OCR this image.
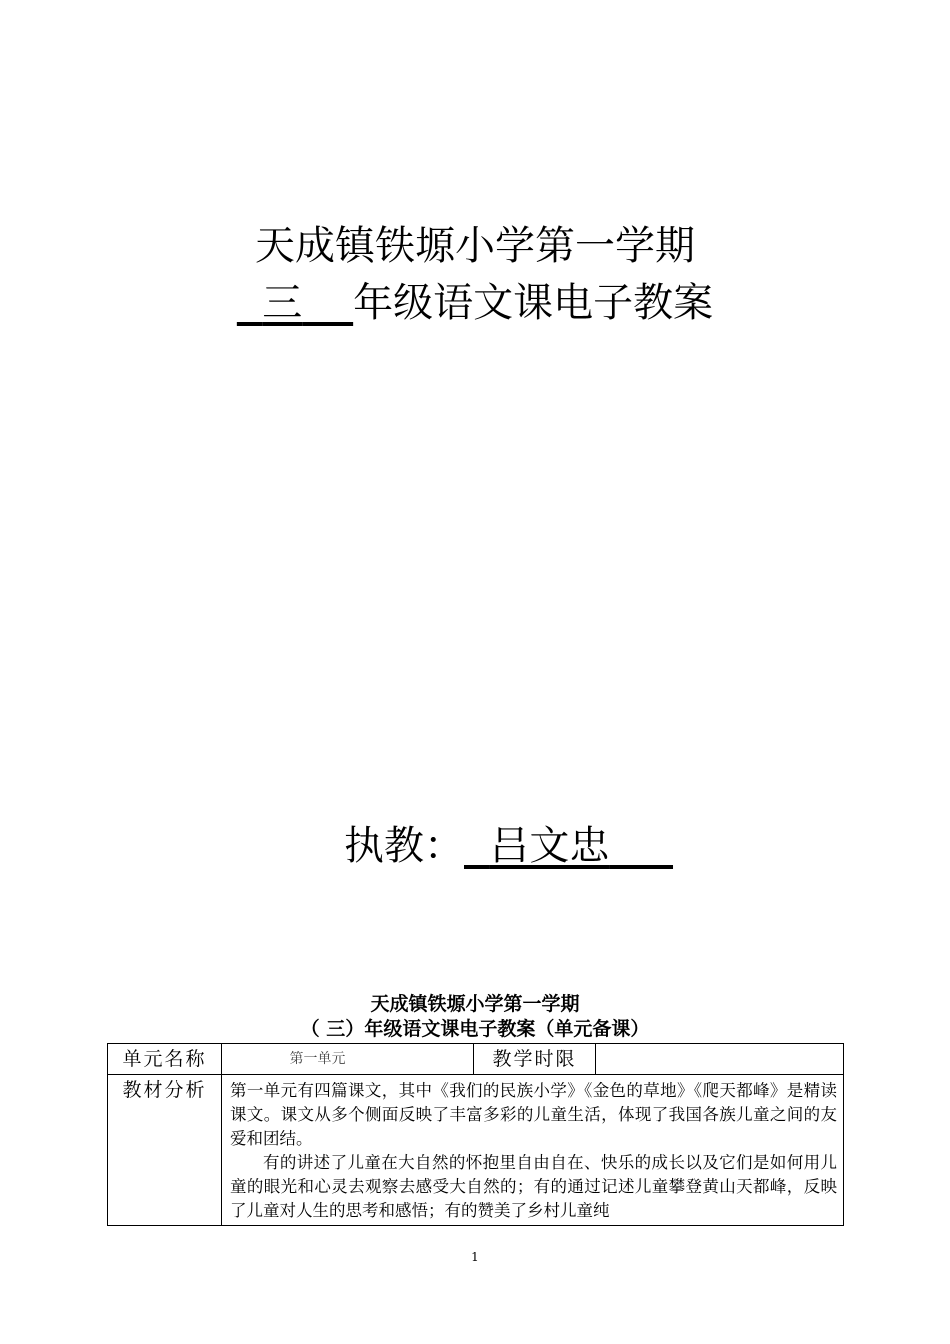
天成镇铁塬小学第一学期
三 年级语文课电子教案
执教： 吕文忠
天成镇铁塬小学第一学期
（ 三）年级语文课电子教案（单元备课）
单元名称	第一单元	教学时限	
教材分析	第一单元有四篇课文，其中《我们的民族小学》《金色的草地》《爬天都峰》是精读课文。课文从多个侧面反映了丰富多彩的儿童生活，体现了我国各族儿童之间的友爱和团结。

有的讲述了儿童在大自然的怀抱里自由自在、快乐的成长以及它们是如何用儿童的眼光和心灵去观察去感受大自然的；有的通过记述儿童攀登黄山天都峰，反映了儿童对人生的思考和感悟；有的赞美了乡村儿童纯		

1
